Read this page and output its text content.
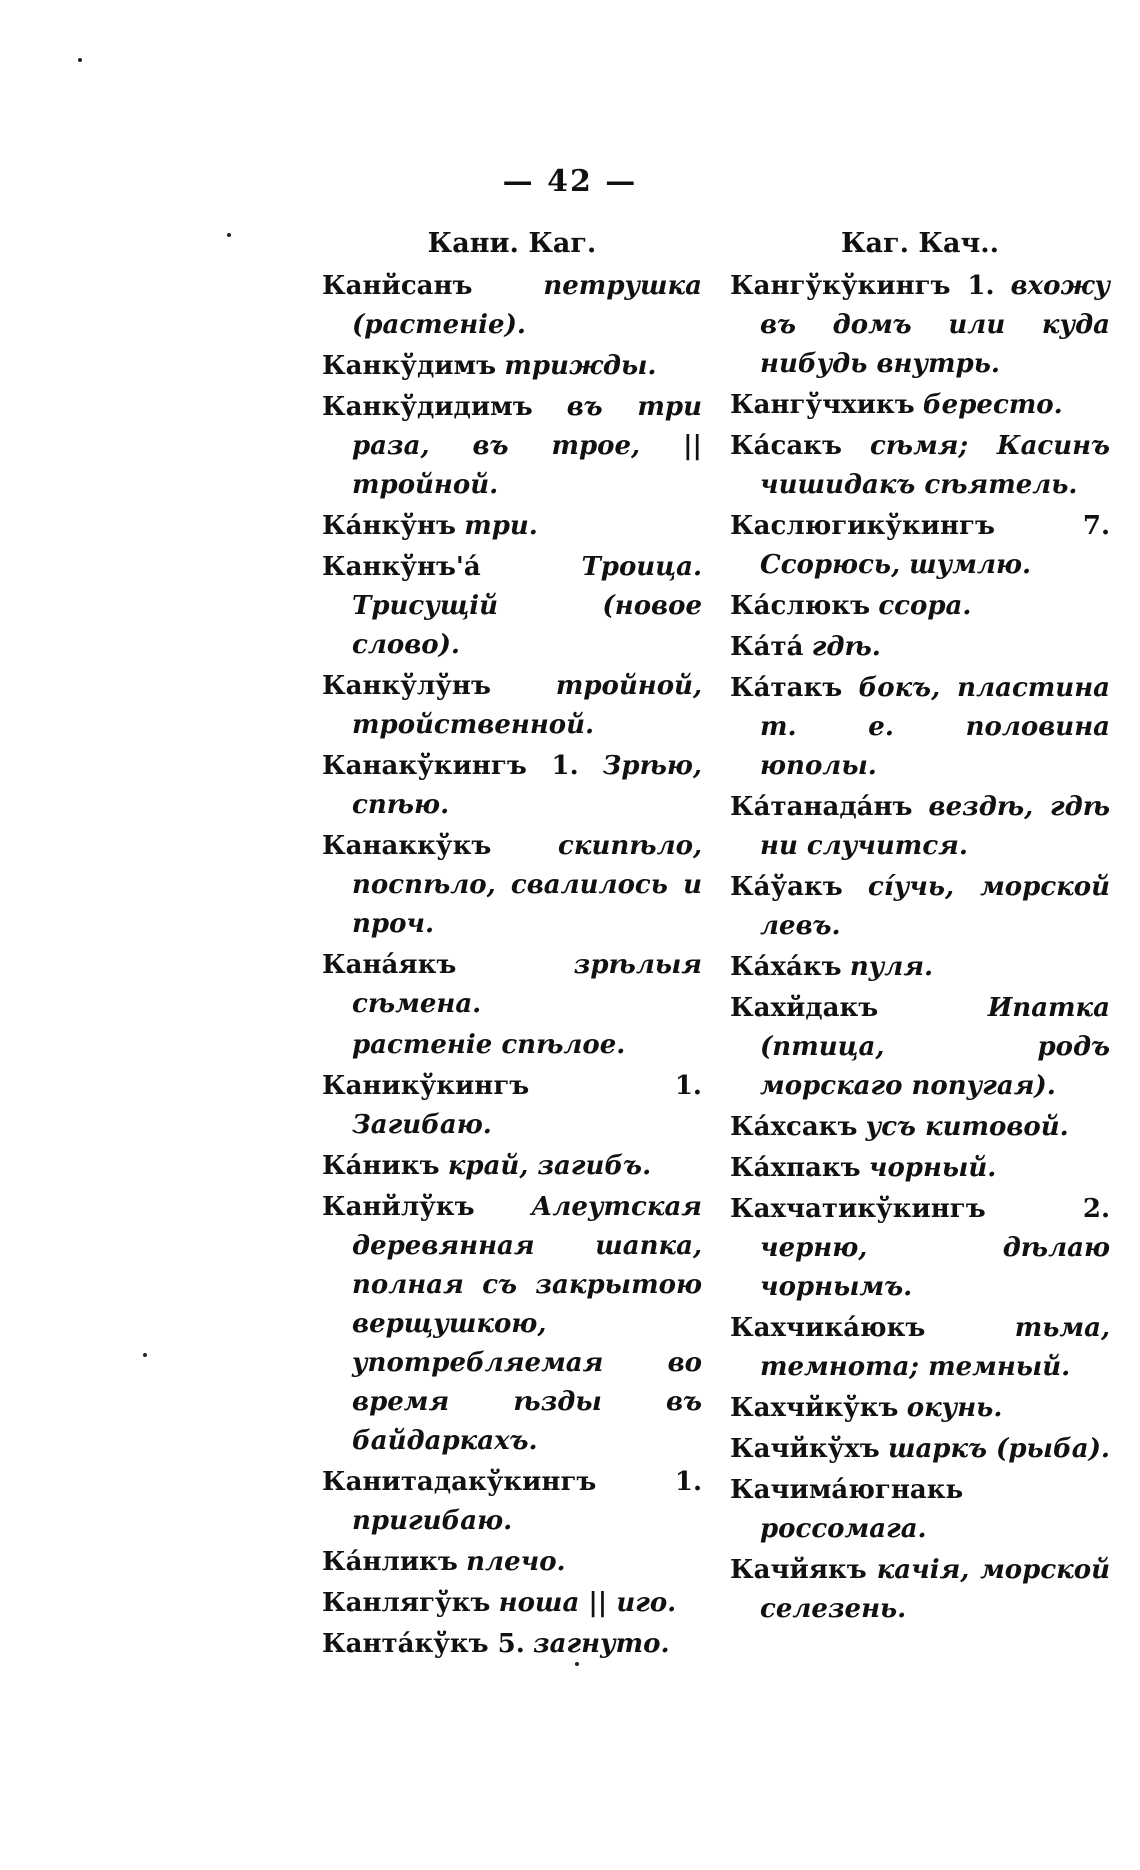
— 42 —
Кани. Каг.
Канйсанъ	петрушка (растеніе).
Канкўдимъ трижды.
Канкўдидимъ въ три раза, въ трое, || тройной.
Кáнкўнъ три.
Канкўнъ'á	Троица. Трисущій (новое слово).
Канкўлўнъ тройной, тройственной.
Канакўкингъ 1. Зрѣю, спѣю.
Канаккўкъ	скипѣло, поспѣло, свалилось и проч.
Канáякъ	зрѣлыя сѣмена.
растеніе спѣлое.
Каникўкингъ 1. Загибаю.
Кáникъ край, загибъ.
Канйлўкъ Алеутская деревянная шапка, полная съ закрытою верщушкою, употребляемая во время ѣзды въ байдаркахъ.
Канитадакўкингъ 1. пригибаю.
Кáнликъ плечо.
Канлягўкъ ноша || иго.
Кантáкўкъ 5. загнуто.
Каг. Кач..
Кангўкўкингъ 1. вхожу въ домъ или куда нибудь внутрь.
Кангўчхикъ береcто.
Кáсакъ сѣмя; Касинъ чишидакъ сѣятель.
Каслюгикўкингъ 7. Ссорюсь, шумлю.
Кáслюкъ ссора.
Кáтá гдѣ.
Кáтакъ бокъ, пластина т. е. половина юполы.
Кáтанадáнъ вездѣ, гдѣ ни случится.
Кáўакъ сíучь, морской левъ.
Кáхáкъ пуля.
Кахйдакъ	Ипатка (птица, родъ морскаго попугая).
Кáхсакъ усъ китовой.
Кáхпакъ чорный.
Кахчатикўкингъ 2. черню, дѣлаю чорнымъ.
Кахчикáюкъ	тьма, темнота; темный.
Кахчйкўкъ окунь.
Качйкўхъ шаркъ (рыба).
Качимáюгнакь россомага.
Качйякъ качія, морской селезень.
